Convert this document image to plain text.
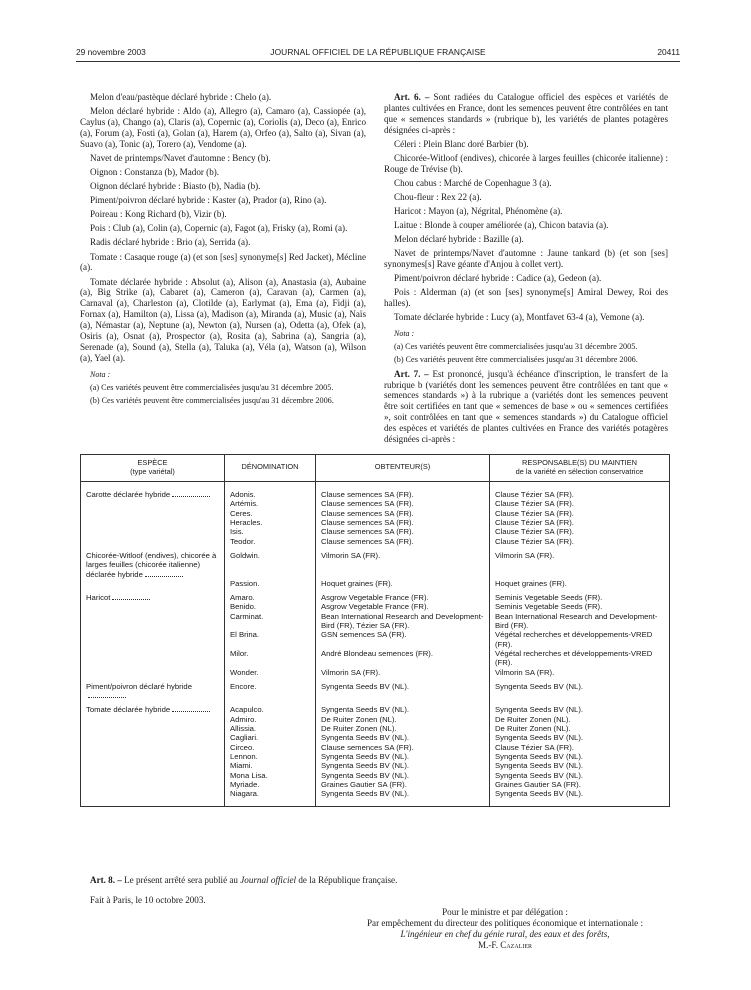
JOURNAL OFFICIEL DE LA RÉPUBLIQUE FRANÇAISE
29 novembre 2003	20411

Melon d'eau/pastèque déclaré hybride : Chelo (a).

Melon déclaré hybride : Aldo (a), Allegro (a), Camaro (a), Cassiopée (a), Caylus (a), Chango (a), Claris (a), Copernic (a), Coriolis (a), Deco (a), Enrico (a), Forum (a), Fosti (a), Golan (a), Harem (a), Orfeo (a), Salto (a), Sivan (a), Suavo (a), Tonic (a), Torero (a), Vendome (a).

Navet de printemps/Navet d'automne : Bency (b).

Oignon : Constanza (b), Mador (b).

Oignon déclaré hybride : Biasto (b), Nadia (b).

Piment/poivron déclaré hybride : Kaster (a), Prador (a), Rino (a).

Poireau : Kong Richard (b), Vizir (b).

Pois : Club (a), Colin (a), Copernic (a), Fagot (a), Frisky (a), Romi (a).

Radis déclaré hybride : Brio (a), Serrida (a).

Tomate : Casaque rouge (a) (et son [ses] synonyme[s] Red Jacket), Mécline (a).

Tomate déclarée hybride : Absolut (a), Alison (a), Anastasia (a), Aubaine (a), Big Strike (a), Cabaret (a), Cameron (a), Caravan (a), Carmen (a), Carnaval (a), Charleston (a), Clotilde (a), Earlymat (a), Ema (a), Fidji (a), Fornax (a), Hamilton (a), Lissa (a), Madison (a), Miranda (a), Music (a), Naïs (a), Némastar (a), Neptune (a), Newton (a), Nursen (a), Odetta (a), Ofek (a), Osiris (a), Osnat (a), Prospector (a), Rosita (a), Sabrina (a), Sangria (a), Serenade (a), Sound (a), Stella (a), Taluka (a), Véla (a), Watson (a), Wilson (a), Yael (a).

Nota :

(a) Ces variétés peuvent être commercialisées jusqu'au 31 décembre 2005.

(b) Ces variétés peuvent être commercialisées jusqu'au 31 décembre 2006.

Art. 6. – Sont radiées du Catalogue officiel des espèces et variétés de plantes cultivées en France, dont les semences peuvent être contrôlées en tant que « semences standards » (rubrique b), les variétés de plantes potagères désignées ci-après :

Céleri : Plein Blanc doré Barbier (b).

Chicorée-Witloof (endives), chicorée à larges feuilles (chicorée italienne) : Rouge de Trévise (b).

Chou cabus : Marché de Copenhague 3 (a).

Chou-fleur : Rex 22 (a).

Haricot : Mayon (a), Négrital, Phénomène (a).

Laitue : Blonde à couper améliorée (a), Chicon batavia (a).

Melon déclaré hybride : Bazille (a).

Navet de printemps/Navet d'automne : Jaune tankard (b) (et son [ses] synonymes[s] Rave géante d'Anjou à collet vert).

Piment/poivron déclaré hybride : Cadice (a), Gedeon (a).

Pois : Alderman (a) (et son [ses] synonyme[s] Amiral Dewey, Roi des halles).

Tomate déclarée hybride : Lucy (a), Montfavet 63-4 (a), Vemone (a).

Nota :

(a) Ces variétés peuvent être commercialisées jusqu'au 31 décembre 2005.

(b) Ces variétés peuvent être commercialisées jusqu'au 31 décembre 2006.

Art. 7. – Est prononcé, jusqu'à échéance d'inscription, le transfert de la rubrique b (variétés dont les semences peuvent être contrôlées en tant que « semences standards ») à la rubrique a (variétés dont les semences peuvent être soit certifiées en tant que « semences de base » ou « semences certifiées », soit contrôlées en tant que « semences standards ») du Catalogue officiel des espèces et variétés de plantes cultivées en France des variétés potagères désignées ci-après :

ESPÈCE
(type variétal)	DÉNOMINATION	OBTENTEUR(S)	RESPONSABLE(S) DU MAINTIEN
de la variété en sélection conservatrice
Carotte déclarée hybride	Adonis.	Clause semences SA (FR).	Clause Tézier SA (FR).
	Artémis.	Clause semences SA (FR).	Clause Tézier SA (FR).
	Ceres.	Clause semences SA (FR).	Clause Tézier SA (FR).
	Heracles.	Clause semences SA (FR).	Clause Tézier SA (FR).
	Isis.	Clause semences SA (FR).	Clause Tézier SA (FR).
	Teodor.	Clause semences SA (FR).	Clause Tézier SA (FR).
Chicorée-Witloof (endives), chicorée à larges feuilles (chicorée italienne) déclarée hybride	Goldwin.	Vilmorin SA (FR).	Vilmorin SA (FR).
	Passion.	Hoquet graines (FR).	Hoquet graines (FR).
Haricot	Amaro.	Asgrow Vegetable France (FR).	Seminis Vegetable Seeds (FR).
	Benido.	Asgrow Vegetable France (FR).	Seminis Vegetable Seeds (FR).
	Carminat.	Bean International Research and Development-Bird (FR), Tézier SA (FR).	Bean International Research and Development-Bird (FR).
	El Brina.	GSN semences SA (FR).	Végétal recherches et développements-VRED (FR).
	Milor.	André Blondeau semences (FR).	Végétal recherches et développements-VRED (FR).
	Wonder.	Vilmorin SA (FR).	Vilmorin SA (FR).
Piment/poivron déclaré hybride	Encore.	Syngenta Seeds BV (NL).	Syngenta Seeds BV (NL).
Tomate déclarée hybride	Acapulco.	Syngenta Seeds BV (NL).	Syngenta Seeds BV (NL).
	Admiro.	De Ruiter Zonen (NL).	De Ruiter Zonen (NL).
	Allissia.	De Ruiter Zonen (NL).	De Ruiter Zonen (NL).
	Cagliari.	Syngenta Seeds BV (NL).	Syngenta Seeds BV (NL).
	Circeo.	Clause semences SA (FR).	Clause Tézier SA (FR).
	Lennon.	Syngenta Seeds BV (NL).	Syngenta Seeds BV (NL).
	Miami.	Syngenta Seeds BV (NL).	Syngenta Seeds BV (NL).
	Mona Lisa.	Syngenta Seeds BV (NL).	Syngenta Seeds BV (NL).
	Myriade.	Graines Gautier SA (FR).	Graines Gautier SA (FR).
	Niagara.	Syngenta Seeds BV (NL).	Syngenta Seeds BV (NL).
Art. 8. – Le présent arrêté sera publié au Journal officiel de la République française.
Fait à Paris, le 10 octobre 2003.
Pour le ministre et par délégation :
Par empêchement du directeur des politiques économique et internationale :
L'ingénieur en chef du génie rural, des eaux et des forêts,
M.-F. Cazalier
